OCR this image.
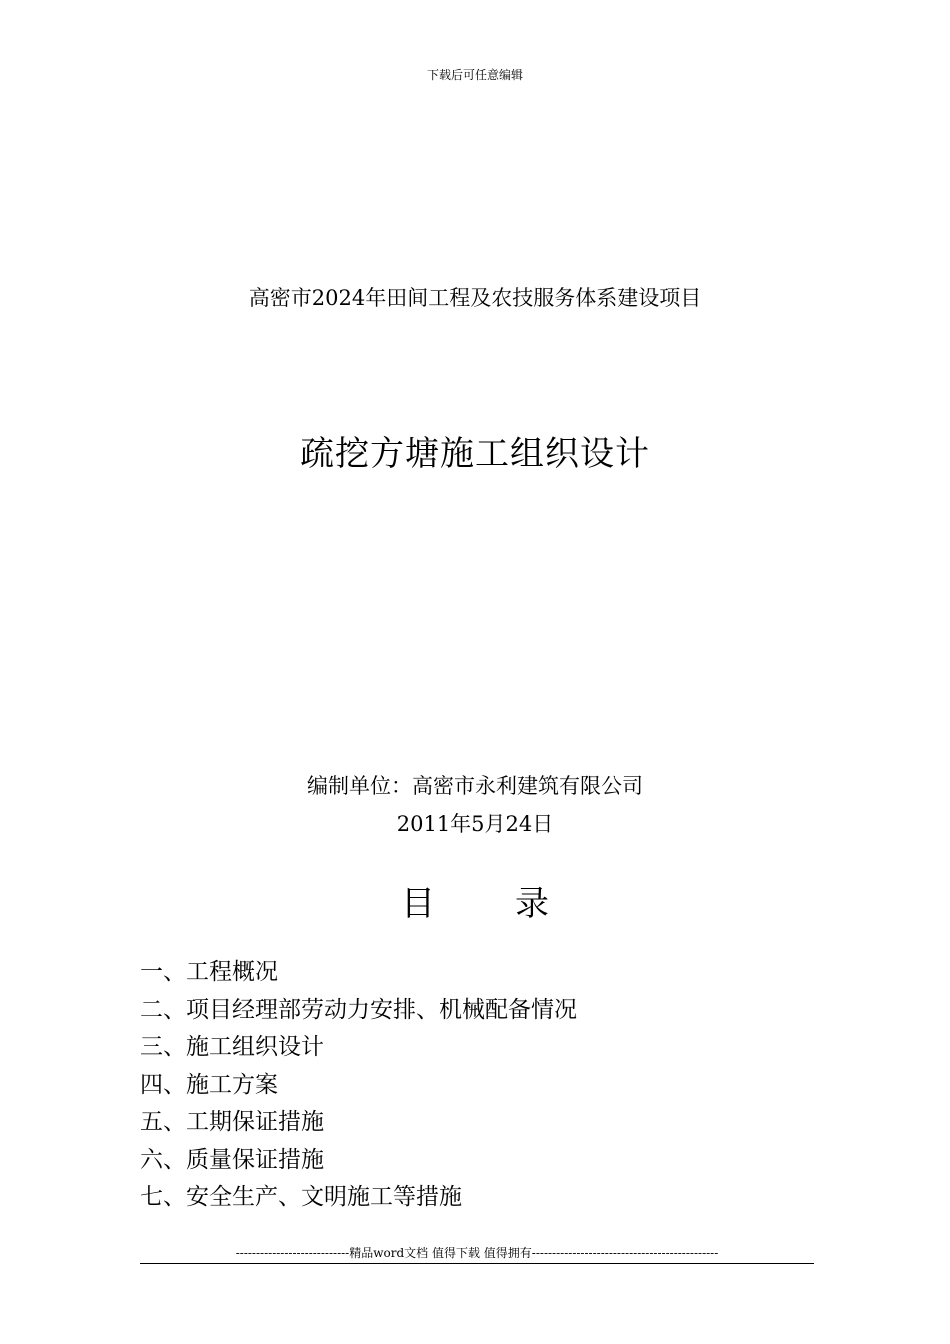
下载后可任意编辑
高密市2024年田间工程及农技服务体系建设项目
疏挖方塘施工组织设计
编制单位：高密市永利建筑有限公司
2011年5月24日
目 录
一、工程概况
二、项目经理部劳动力安排、机械配备情况
三、施工组织设计
四、施工方案
五、工期保证措施
六、质量保证措施
七、安全生产、文明施工等措施
----------------------------精品word文档 值得下载 值得拥有----------------------------------------------
